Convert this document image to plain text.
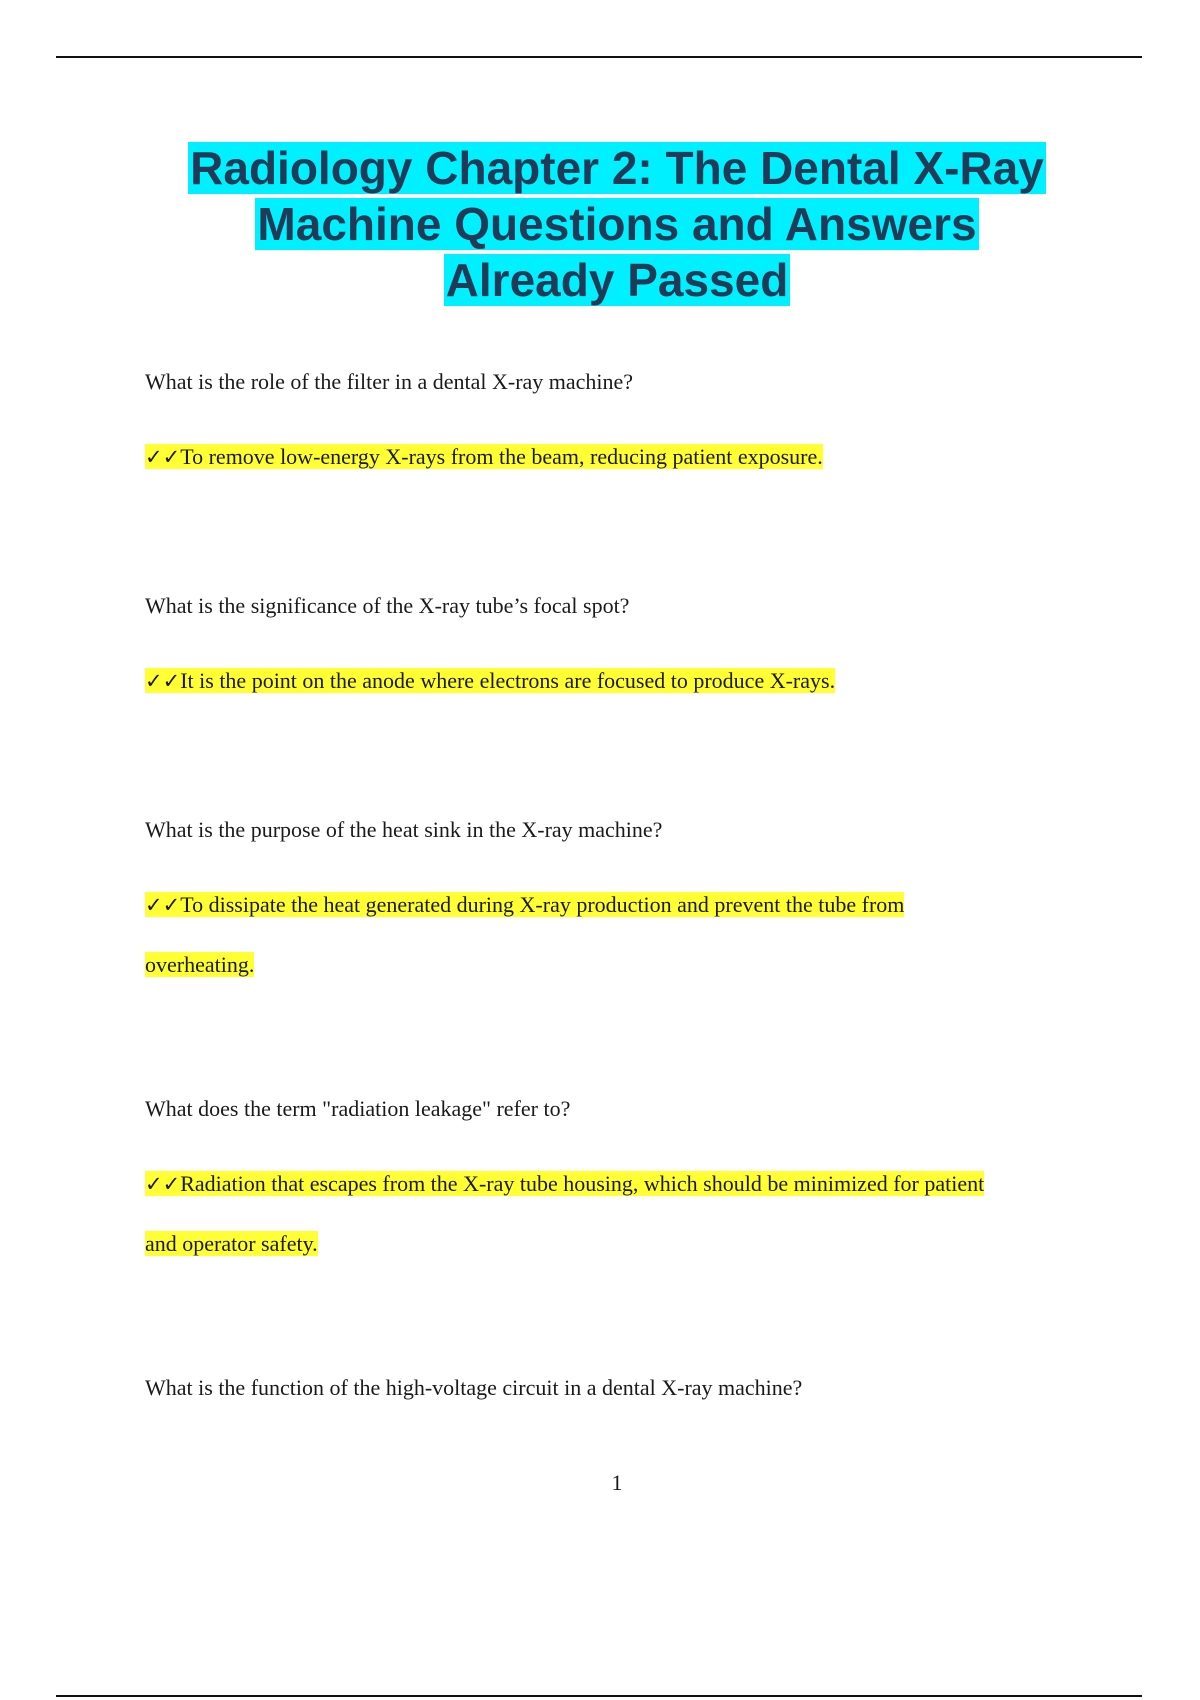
Radiology Chapter 2: The Dental X-Ray
Machine Questions and Answers
Already Passed
What is the role of the filter in a dental X-ray machine?
✓✓To remove low-energy X-rays from the beam, reducing patient exposure.
What is the significance of the X-ray tube’s focal spot?
✓✓It is the point on the anode where electrons are focused to produce X-rays.
What is the purpose of the heat sink in the X-ray machine?
✓✓To dissipate the heat generated during X-ray production and prevent the tube from
overheating.
What does the term "radiation leakage" refer to?
✓✓Radiation that escapes from the X-ray tube housing, which should be minimized for patient
and operator safety.
What is the function of the high-voltage circuit in a dental X-ray machine?
1
